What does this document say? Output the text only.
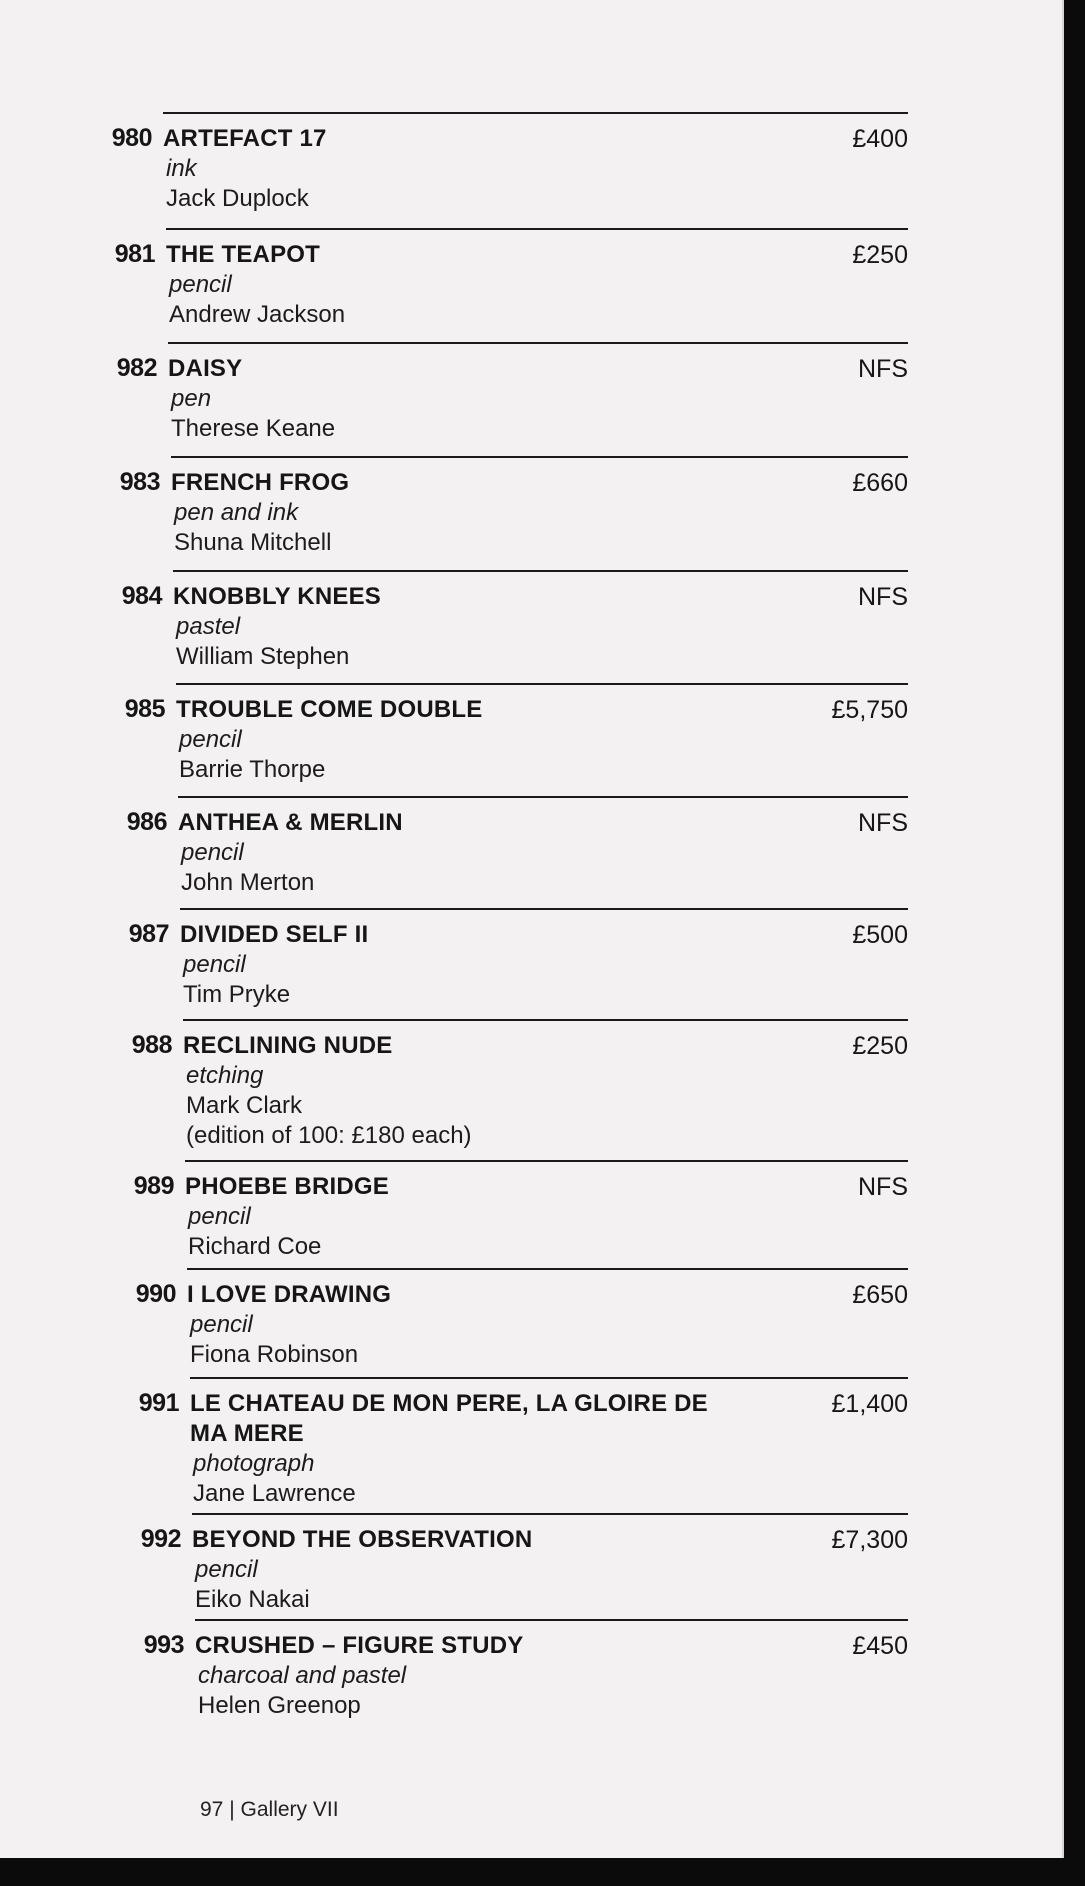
980 ARTEFACT 17
ink
Jack Duplock
£400
981 THE TEAPOT
pencil
Andrew Jackson
£250
982 DAISY
pen
Therese Keane
NFS
983 FRENCH FROG
pen and ink
Shuna Mitchell
£660
984 KNOBBLY KNEES
pastel
William Stephen
NFS
985 TROUBLE COME DOUBLE
pencil
Barrie Thorpe
£5,750
986 ANTHEA & MERLIN
pencil
John Merton
NFS
987 DIVIDED SELF II
pencil
Tim Pryke
£500
988 RECLINING NUDE
etching
Mark Clark
(edition of 100: £180 each)
£250
989 PHOEBE BRIDGE
pencil
Richard Coe
NFS
990 I LOVE DRAWING
pencil
Fiona Robinson
£650
991 LE CHATEAU DE MON PERE, LA GLOIRE DE MA MERE
photograph
Jane Lawrence
£1,400
992 BEYOND THE OBSERVATION
pencil
Eiko Nakai
£7,300
993 CRUSHED – FIGURE STUDY
charcoal and pastel
Helen Greenop
£450
97 | Gallery VII
